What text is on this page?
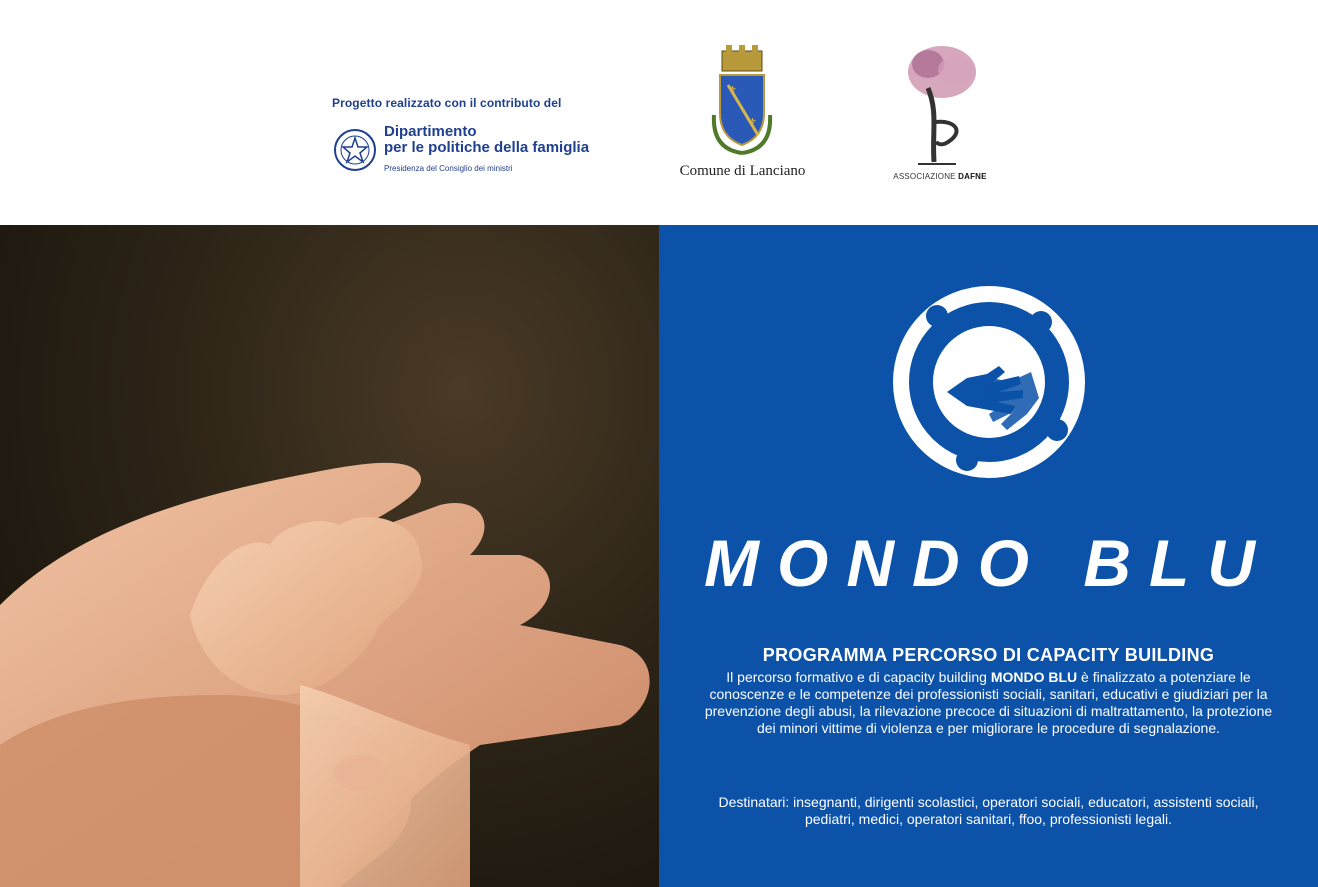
Progetto realizzato con il contributo del
Dipartimento
per le politiche della famiglia
Presidenza del Consiglio dei ministri
⚜
⚜
Comune di Lanciano	ASSOCIAZIONE DAFNE
MONDO BLU
PROGRAMMA PERCORSO DI CAPACITY BUILDING
Il percorso formativo e di capacity building MONDO BLU è finalizzato a potenziare le conoscenze e le competenze dei professionisti sociali, sanitari, educativi e giudiziari per la prevenzione degli abusi, la rilevazione precoce di situazioni di maltrattamento, la protezione dei minori vittime di violenza e per migliorare le procedure di segnalazione.
Destinatari: insegnanti, dirigenti scolastici, operatori sociali, educatori, assistenti sociali, pediatri, medici, operatori sanitari, ffoo, professionisti legali.
